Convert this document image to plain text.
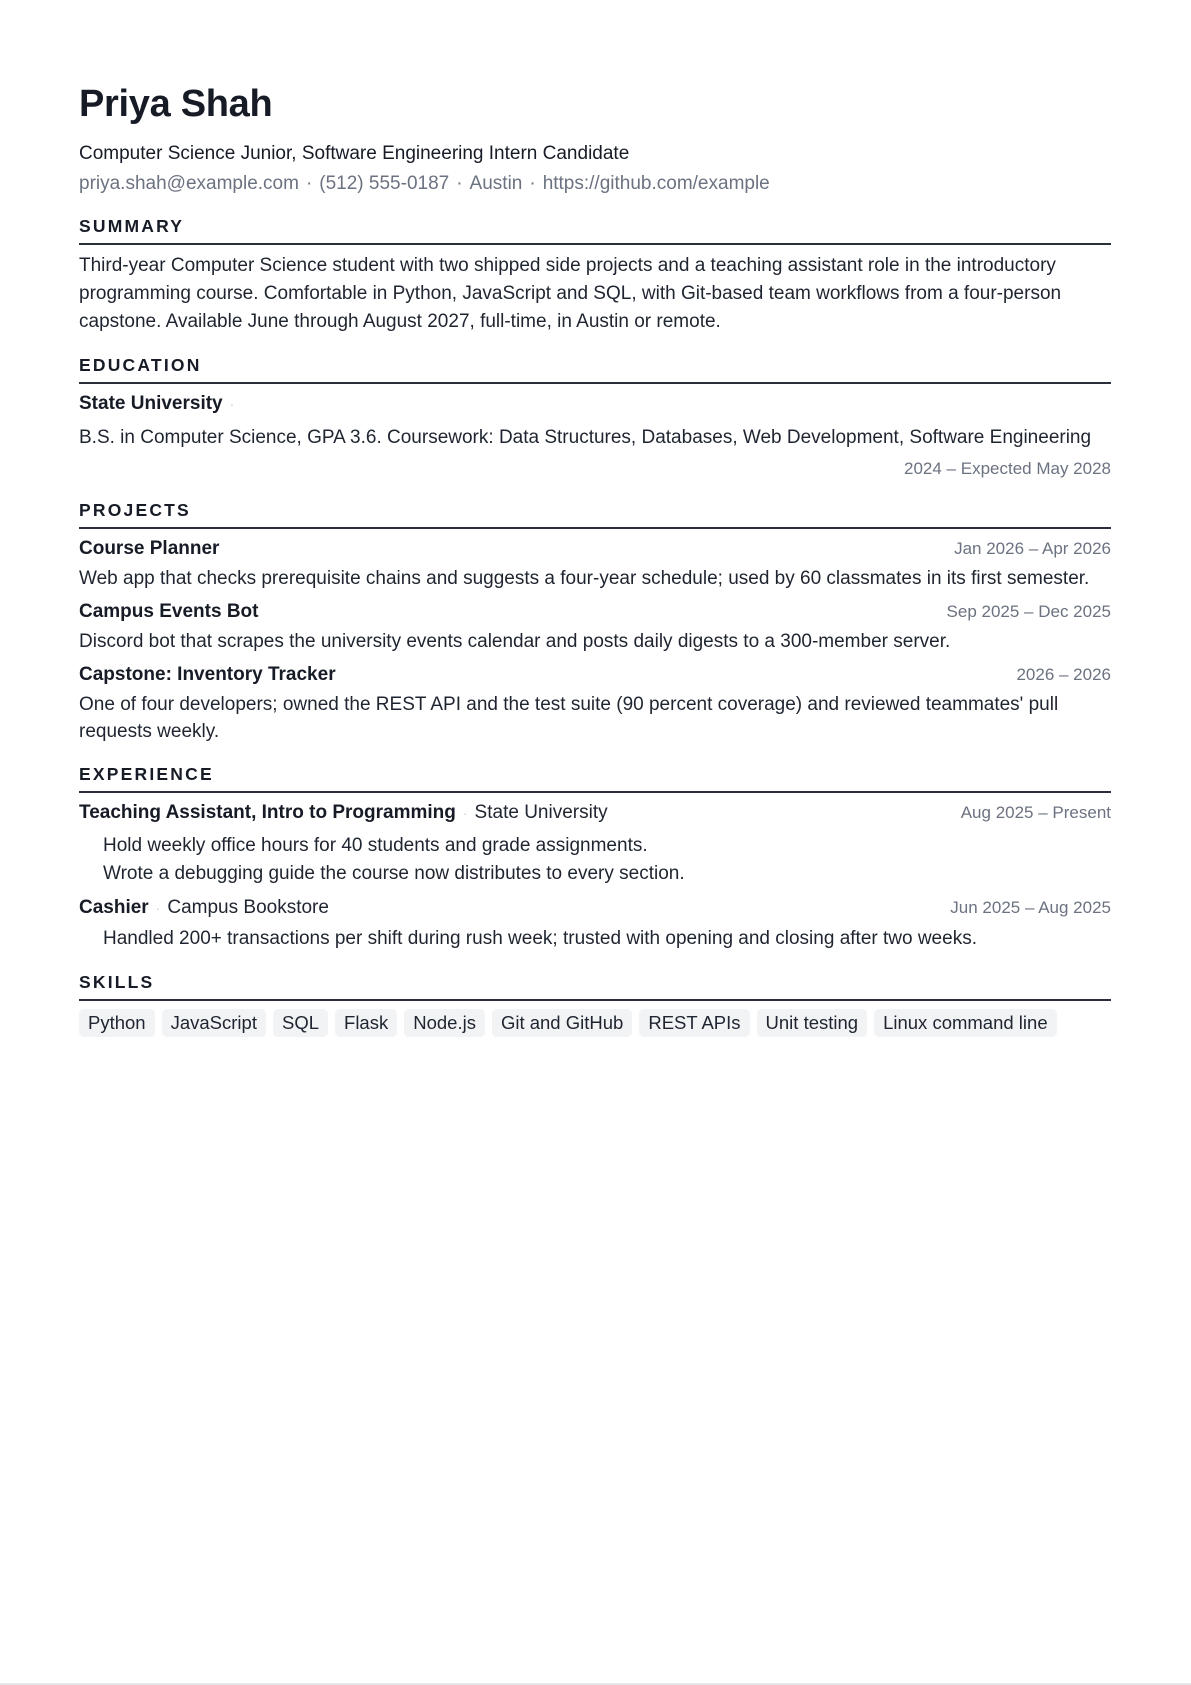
Priya Shah
Computer Science Junior, Software Engineering Intern Candidate
priya.shah@example.com · (512) 555-0187 · Austin · https://github.com/example
SUMMARY

Third-year Computer Science student with two shipped side projects and a teaching assistant role in the introductory programming course. Comfortable in Python, JavaScript and SQL, with Git-based team workflows from a four-person capstone. Available June through August 2027, full-time, in Austin or remote.

EDUCATION
State University ·

B.S. in Computer Science, GPA 3.6. Coursework: Data Structures, Databases, Web Development, Software Engineering

2024 – Expected May 2028
PROJECTS
Course Planner	Jan 2026 – Apr 2026

Web app that checks prerequisite chains and suggests a four-year schedule; used by 60 classmates in its first semester.

Campus Events Bot	Sep 2025 – Dec 2025

Discord bot that scrapes the university events calendar and posts daily digests to a 300-member server.

Capstone: Inventory Tracker	2026 – 2026

One of four developers; owned the REST API and the test suite (90 percent coverage) and reviewed teammates' pull requests weekly.

EXPERIENCE
Teaching Assistant, Intro to Programming · State University	Aug 2025 – Present
Hold weekly office hours for 40 students and grade assignments.
Wrote a debugging guide the course now distributes to every section.
Cashier · Campus Bookstore	Jun 2025 – Aug 2025
Handled 200+ transactions per shift during rush week; trusted with opening and closing after two weeks.
SKILLS
Python	JavaScript	SQL	Flask	Node.js	Git and GitHub	REST APIs	Unit testing	Linux command line
